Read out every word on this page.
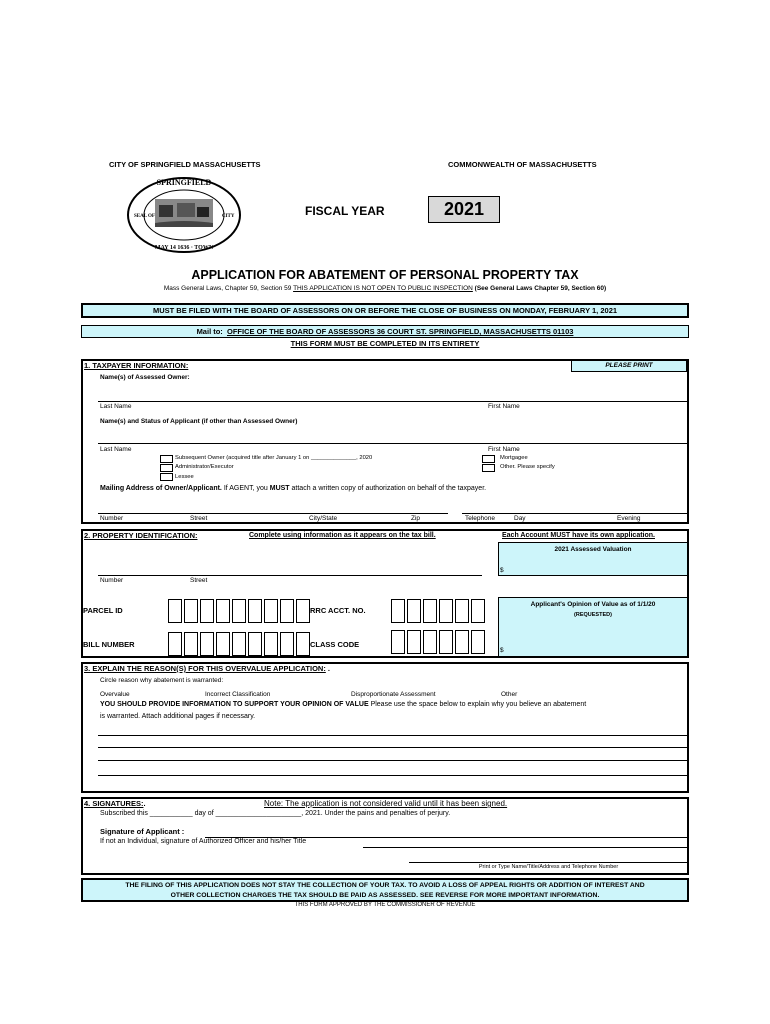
CITY OF SPRINGFIELD MASSACHUSETTS	COMMONWEALTH OF MASSACHUSETTS
SPRINGFIELD
MAY 14 1636 · TOWN
SEAL OF	CITY	FISCAL YEAR	2021
APPLICATION FOR ABATEMENT OF PERSONAL PROPERTY TAX
Mass General Laws, Chapter 59, Section 59 THIS APPLICATION IS NOT OPEN TO PUBLIC INSPECTION (See General Laws Chapter 59, Section 60)
MUST BE FILED WITH THE BOARD OF ASSESSORS ON OR BEFORE THE CLOSE OF BUSINESS ON MONDAY, FEBRUARY 1, 2021
Mail to: OFFICE OF THE BOARD OF ASSESSORS 36 COURT ST. SPRINGFIELD, MASSACHUSETTS 01103
THIS FORM MUST BE COMPLETED IN ITS ENTIRETY
1. TAXPAYER INFORMATION:	PLEASE PRINT
Name(s) of Assessed Owner:
Last Name	First Name
Name(s) and Status of Applicant (if other than Assessed Owner)
Last Name	First Name
Subsequent Owner (acquired title after January 1 on ______________, 2020
Administrator/Executor
Lessee
Mortgagee
Other. Please specify
Mailing Address of Owner/Applicant. If AGENT, you MUST attach a written copy of authorization on behalf of the taxpayer.
Number	Street	City/State	Zip	Telephone	Day	Evening
2. PROPERTY IDENTIFICATION:	Complete using information as it appears on the tax bill.	Each Account MUST have its own application.
2021 Assessed Valuation
$
Number	Street
PARCEL ID	RRC ACCT. NO.
Applicant's Opinion of Value as of 1/1/20
(REQUESTED)
$
BILL NUMBER	CLASS CODE
3. EXPLAIN THE REASON(S) FOR THIS OVERVALUE APPLICATION: .
Circle reason why abatement is warranted:
Overvalue	Incorrect Classification	Disproportionate Assessment	Other
YOU SHOULD PROVIDE INFORMATION TO SUPPORT YOUR OPINION OF VALUE Please use the space below to explain why you believe an abatement
is warranted. Attach additional pages if necessary.
4. SIGNATURES:.	Note: The application is not considered valid until it has been signed.
Subscribed this ___________ day of ______________________, 2021. Under the pains and penalties of perjury.
Signature of Applicant :
If not an Individual, signature of Authorized Officer and his/her Title
Print or Type Name/Title/Address and Telephone Number
THE FILING OF THIS APPLICATION DOES NOT STAY THE COLLECTION OF YOUR TAX. TO AVOID A LOSS OF APPEAL RIGHTS OR ADDITION OF INTEREST AND
OTHER COLLECTION CHARGES THE TAX SHOULD BE PAID AS ASSESSED. SEE REVERSE FOR MORE IMPORTANT INFORMATION.
THIS FORM APPROVED BY THE COMMISSIONER OF REVENUE
